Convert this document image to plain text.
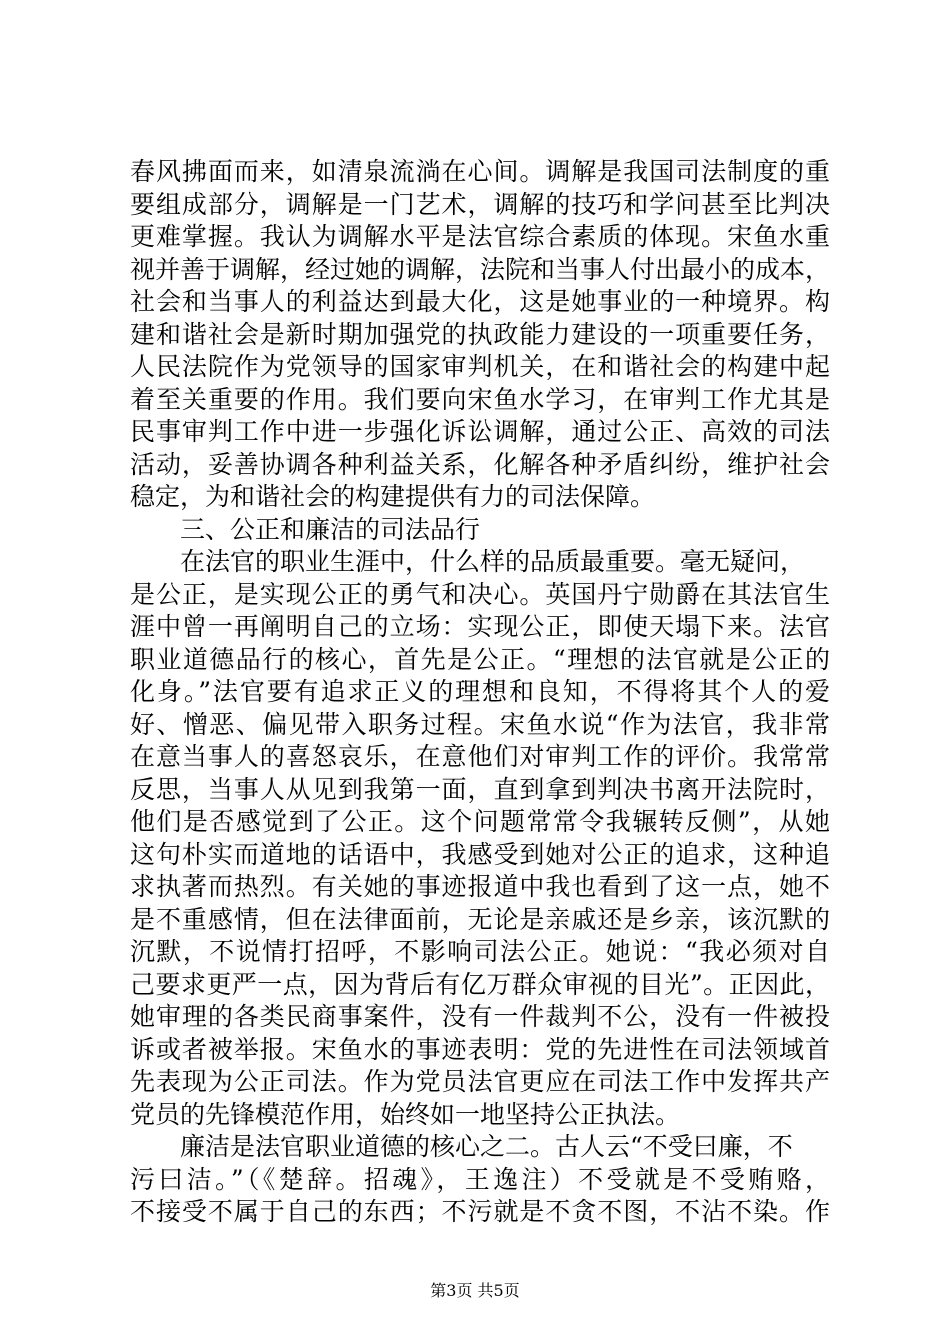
春风拂面而来，如清泉流淌在心间。调解是我国司法制度的重
要组成部分，调解是一门艺术，调解的技巧和学问甚至比判决
更难掌握。我认为调解水平是法官综合素质的体现。宋鱼水重
视并善于调解，经过她的调解，法院和当事人付出最小的成本，
社会和当事人的利益达到最大化，这是她事业的一种境界。构
建和谐社会是新时期加强党的执政能力建设的一项重要任务，
人民法院作为党领导的国家审判机关，在和谐社会的构建中起
着至关重要的作用。我们要向宋鱼水学习，在审判工作尤其是
民事审判工作中进一步强化诉讼调解，通过公正、高效的司法
活动，妥善协调各种利益关系，化解各种矛盾纠纷，维护社会
稳定，为和谐社会的构建提供有力的司法保障。
三、公正和廉洁的司法品行
在法官的职业生涯中，什么样的品质最重要。毫无疑问，
是公正，是实现公正的勇气和决心。英国丹宁勋爵在其法官生
涯中曾一再阐明自己的立场：实现公正，即使天塌下来。法官
职业道德品行的核心，首先是公正。“理想的法官就是公正的
化身。”法官要有追求正义的理想和良知，不得将其个人的爱
好、憎恶、偏见带入职务过程。宋鱼水说“作为法官，我非常
在意当事人的喜怒哀乐，在意他们对审判工作的评价。我常常
反思，当事人从见到我第一面，直到拿到判决书离开法院时，
他们是否感觉到了公正。这个问题常常令我辗转反侧”，从她
这句朴实而道地的话语中，我感受到她对公正的追求，这种追
求执著而热烈。有关她的事迹报道中我也看到了这一点，她不
是不重感情，但在法律面前，无论是亲戚还是乡亲，该沉默的
沉默，不说情打招呼，不影响司法公正。她说：“我必须对自
己要求更严一点，因为背后有亿万群众审视的目光”。正因此，
她审理的各类民商事案件，没有一件裁判不公，没有一件被投
诉或者被举报。宋鱼水的事迹表明：党的先进性在司法领域首
先表现为公正司法。作为党员法官更应在司法工作中发挥共产
党员的先锋模范作用，始终如一地坚持公正执法。
廉洁是法官职业道德的核心之二。古人云“不受曰廉，不
污曰洁。”（《楚辞。招魂》，王逸注）不受就是不受贿赂，
不接受不属于自己的东西；不污就是不贪不图，不沾不染。作
第3页 共5页
